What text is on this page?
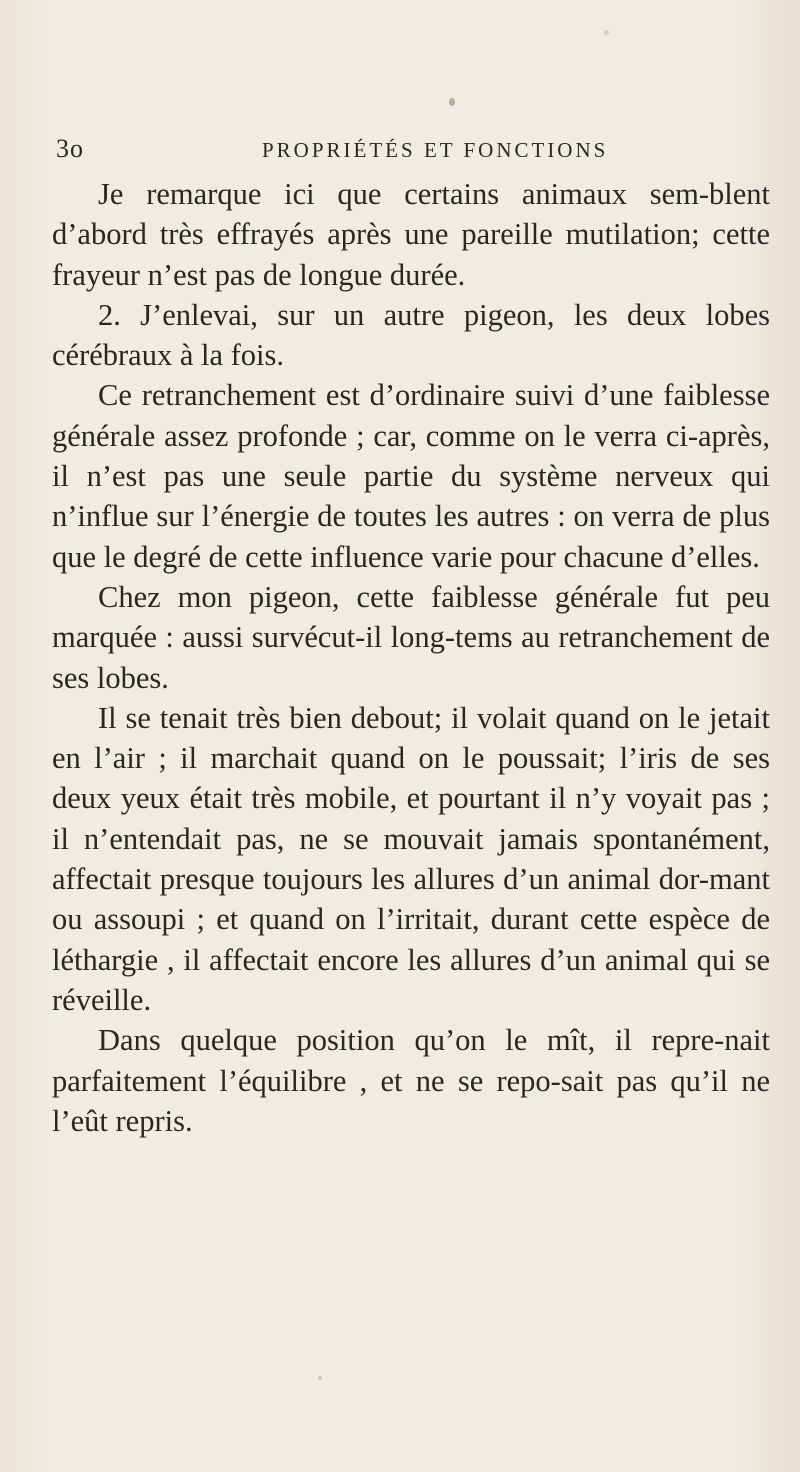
3o	PROPRIÉTÉS ET FONCTIONS

Je remarque ici que certains animaux sem-blent d’abord très effrayés après une pareille mutilation; cette frayeur n’est pas de longue durée.

2. J’enlevai, sur un autre pigeon, les deux lobes cérébraux à la fois.

Ce retranchement est d’ordinaire suivi d’une faiblesse générale assez profonde ; car, comme on le verra ci-après, il n’est pas une seule partie du système nerveux qui n’influe sur l’énergie de toutes les autres : on verra de plus que le degré de cette influence varie pour chacune d’elles.

Chez mon pigeon, cette faiblesse générale fut peu marquée : aussi survécut-il long-tems au retranchement de ses lobes.

Il se tenait très bien debout; il volait quand on le jetait en l’air ; il marchait quand on le poussait; l’iris de ses deux yeux était très mobile, et pourtant il n’y voyait pas ; il n’entendait pas, ne se mouvait jamais spontanément, affectait presque toujours les allures d’un animal dor-mant ou assoupi ; et quand on l’irritait, durant cette espèce de léthargie , il affectait encore les allures d’un animal qui se réveille.

Dans quelque position qu’on le mît, il repre-nait parfaitement l’équilibre , et ne se repo-sait pas qu’il ne l’eût repris.
